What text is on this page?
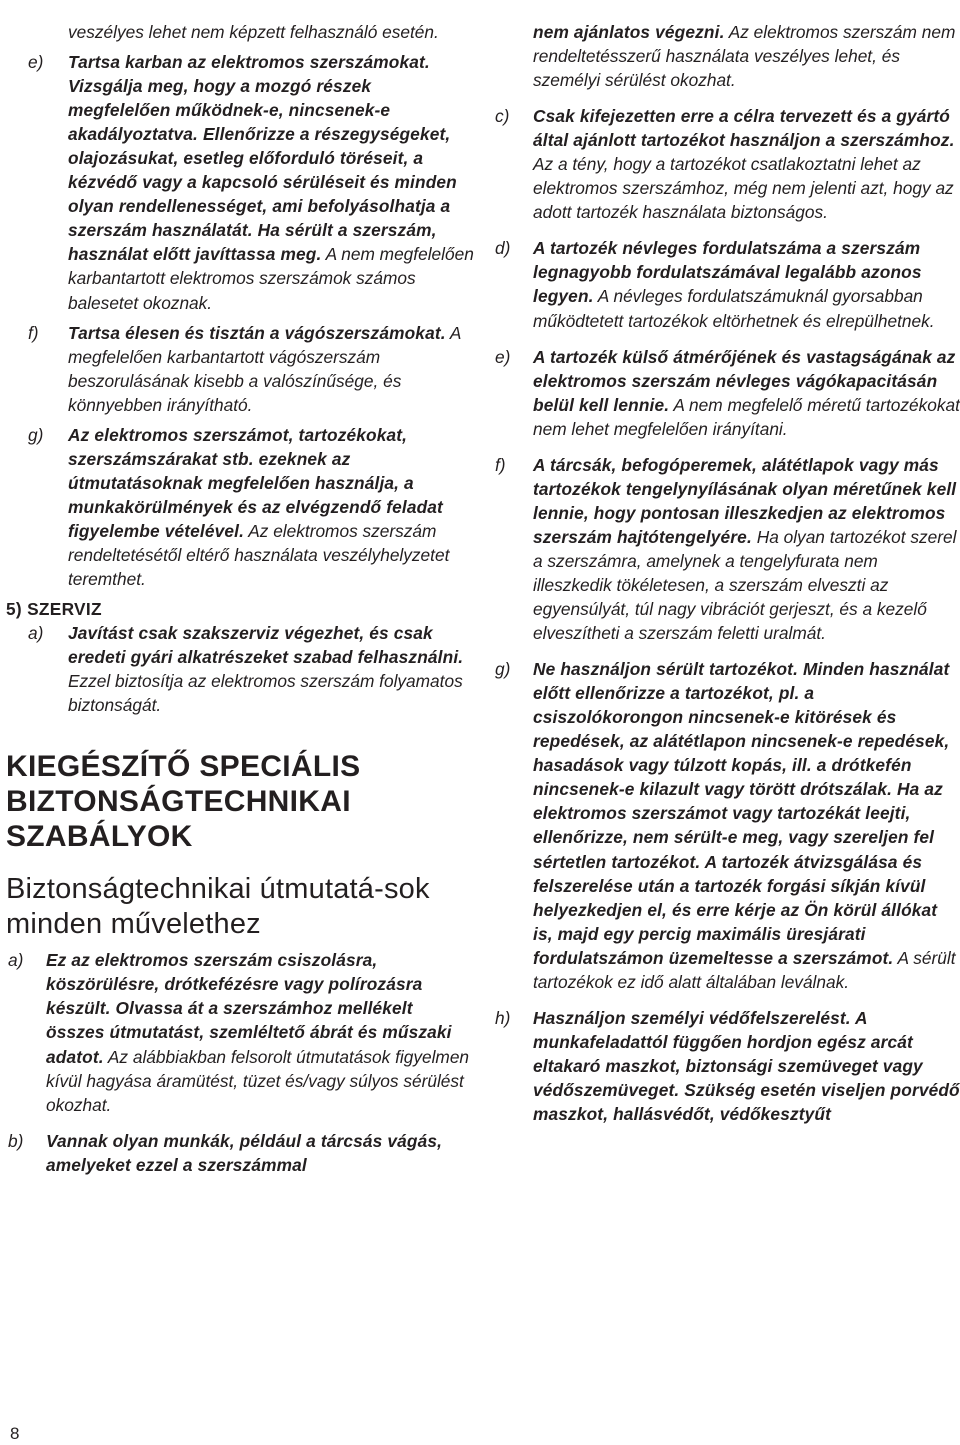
veszélyes lehet nem képzett felhasználó esetén.
e) Tartsa karban az elektromos szerszámokat. Vizsgálja meg, hogy a mozgó részek megfelelően működnek-e, nincsenek-e akadályoztatva. Ellenőrizze a részegységeket, olajozásukat, esetleg előforduló töréseit, a kézvédő vagy a kapcsoló sérüléseit és minden olyan rendellenességet, ami befolyásolhatja a szerszám használatát. Ha sérült a szerszám, használat előtt javíttassa meg. A nem megfelelően karbantartott elektromos szerszámok számos balesetet okoznak.
f) Tartsa élesen és tisztán a vágószerszámokat. A megfelelően karbantartott vágószerszám beszorulásának kisebb a valószínűsége, és könnyebben irányítható.
g) Az elektromos szerszámot, tartozékokat, szerszámszárakat stb. ezeknek az útmutatásoknak megfelelően használja, a munkakörülmények és az elvégzendő feladat figyelembe vételével. Az elektromos szerszám rendeltetésétől eltérő használata veszélyhelyzetet teremthet.
5) SZERVIZ
a) Javítást csak szakszerviz végezhet, és csak eredeti gyári alkatrészeket szabad felhasználni. Ezzel biztosítja az elektromos szerszám folyamatos biztonságát.
KIEGÉSZÍTŐ SPECIÁLIS BIZTONSÁGTECHNIKAI SZABÁLYOK
Biztonságtechnikai útmutatá-sok minden művelethez
a) Ez az elektromos szerszám csiszolásra, köszörülésre, drótkefézésre vagy polírozásra készült. Olvassa át a szerszámhoz mellékelt összes útmutatást, szemléltető ábrát és műszaki adatot. Az alábbiakban felsorolt útmutatások figyelmen kívül hagyása áramütést, tüzet és/vagy súlyos sérülést okozhat.
b) Vannak olyan munkák, például a tárcsás vágás, amelyeket ezzel a szerszámmal
nem ajánlatos végezni. Az elektromos szerszám nem rendeltetésszerű használata veszélyes lehet, és személyi sérülést okozhat.
c) Csak kifejezetten erre a célra tervezett és a gyártó által ajánlott tartozékot használjon a szerszámhoz. Az a tény, hogy a tartozékot csatlakoztatni lehet az elektromos szerszámhoz, még nem jelenti azt, hogy az adott tartozék használata biztonságos.
d) A tartozék névleges fordulatszáma a szerszám legnagyobb fordulatszámával legalább azonos legyen. A névleges fordulatszámuknál gyorsabban működtetett tartozékok eltörhetnek és elrepülhetnek.
e) A tartozék külső átmérőjének és vastagságának az elektromos szerszám névleges vágókapacitásán belül kell lennie. A nem megfelelő méretű tartozékokat nem lehet megfelelően irányítani.
f) A tárcsák, befogóperemek, alátétlapok vagy más tartozékok tengelynyílásának olyan méretűnek kell lennie, hogy pontosan illeszkedjen az elektromos szerszám hajtótengelyére. Ha olyan tartozékot szerel a szerszámra, amelynek a tengelyfurata nem illeszkedik tökéletesen, a szerszám elveszti az egyensúlyát, túl nagy vibrációt gerjeszt, és a kezelő elveszítheti a szerszám feletti uralmát.
g) Ne használjon sérült tartozékot. Minden használat előtt ellenőrizze a tartozékot, pl. a csiszolókorongon nincsenek-e kitörések és repedések, az alátétlapon nincsenek-e repedések, hasadások vagy túlzott kopás, ill. a drótkefén nincsenek-e kilazult vagy törött drótszálak. Ha az elektromos szerszámot vagy tartozékát leejti, ellenőrizze, nem sérült-e meg, vagy szereljen fel sértetlen tartozékot. A tartozék átvizsgálása és felszerelése után a tartozék forgási síkján kívül helyezkedjen el, és erre kérje az Ön körül állókat is, majd egy percig maximális üresjárati fordulatszámon üzemeltesse a szerszámot. A sérült tartozékok ez idő alatt általában leválnak.
h) Használjon személyi védőfelszerelést. A munkafeladattól függően hordjon egész arcát eltakaró maszkot, biztonsági szemüveget vagy védőszemüveget. Szükség esetén viseljen porvédő maszkot, hallásvédőt, védőkesztyűt
8
